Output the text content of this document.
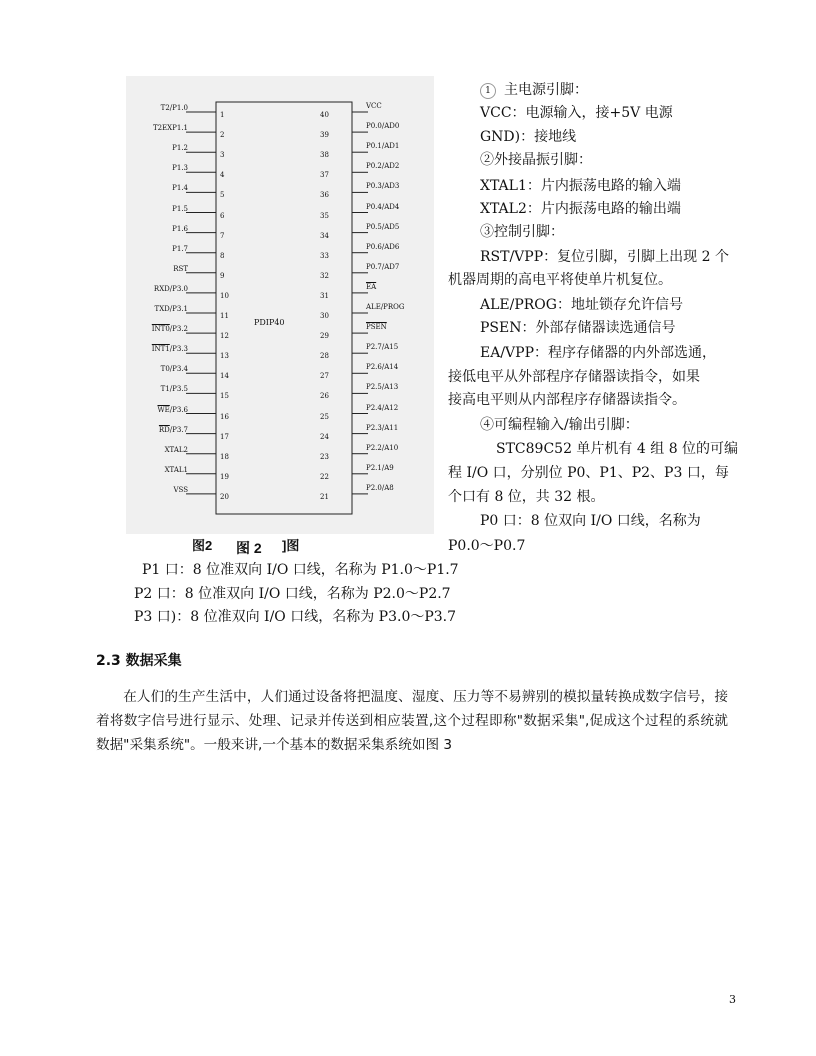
T2/P1.0
1
T2EXP1.1
2
P1.2
3
P1.3
4
P1.4
5
P1.5
6
P1.6
7
P1.7
8
RST
9
RXD/P3.0
10
TXD/P3.1
11
INT0/P3.2
12
INT1/P3.3
13
T0/P3.4
14
T1/P3.5
15
$\overline{WE}/P3.6$
16
$\overline{RD}/P3.7$
17
XTAL2
18
XTAL1
19
VSS
20
VCC
40
P0.0/AD0
39
P0.1/AD1
38
P0.2/AD2
37
P0.3/AD3
36
P0.4/AD4
35
P0.5/AD5
34
P0.6/AD6
33
P0.7/AD7
32
$\overline{EA}$
31
ALE/PROG
30
PSEN
29
P2.7/A15
28
P2.6/A14
27
P2.5/A13
26
P2.4/A12
25
P2.3/A11
24
P2.2/A10
23
P2.1/A9
22
P2.0/A8
21
PDIP40
图2 图 2 ]图
1 主电源引脚：
VCC：电源输入，接+5V 电源
GND)：接地线
②外接晶振引脚：
XTAL1：片内振荡电路的输入端
XTAL2：片内振荡电路的输出端
③控制引脚：
RST/VPP：复位引脚，引脚上出现 2 个
机器周期的高电平将使单片机复位。
ALE/PROG：地址锁存允许信号
PSEN：外部存储器读选通信号
EA/VPP：程序存储器的内外部选通，
接低电平从外部程序存储器读指令，如果
接高电平则从内部程序存储器读指令。
④可编程输入/输出引脚：
STC89C52 单片机有 4 组 8 位的可编
程 I/O 口，分别位 P0、P1、P2、P3 口，每
个口有 8 位，共 32 根。
P0 口：8 位双向 I/O 口线，名称为
P0.0～P0.7
P1 口：8 位准双向 I/O 口线，名称为 P1.0～P1.7
P2 口：8 位准双向 I/O 口线，名称为 P2.0～P2.7
P3 口)：8 位准双向 I/O 口线，名称为 P3.0～P3.7
2.3 数据采集
在人们的生产生活中，人们通过设备将把温度、湿度、压力等不易辨别的模拟量转换成数字信号，接着将数字信号进行显示、处理、记录并传送到相应装置,这个过程即称"数据采集",促成这个过程的系统就数据"采集系统"。一般来讲,一个基本的数据采集系统如图 3
3
